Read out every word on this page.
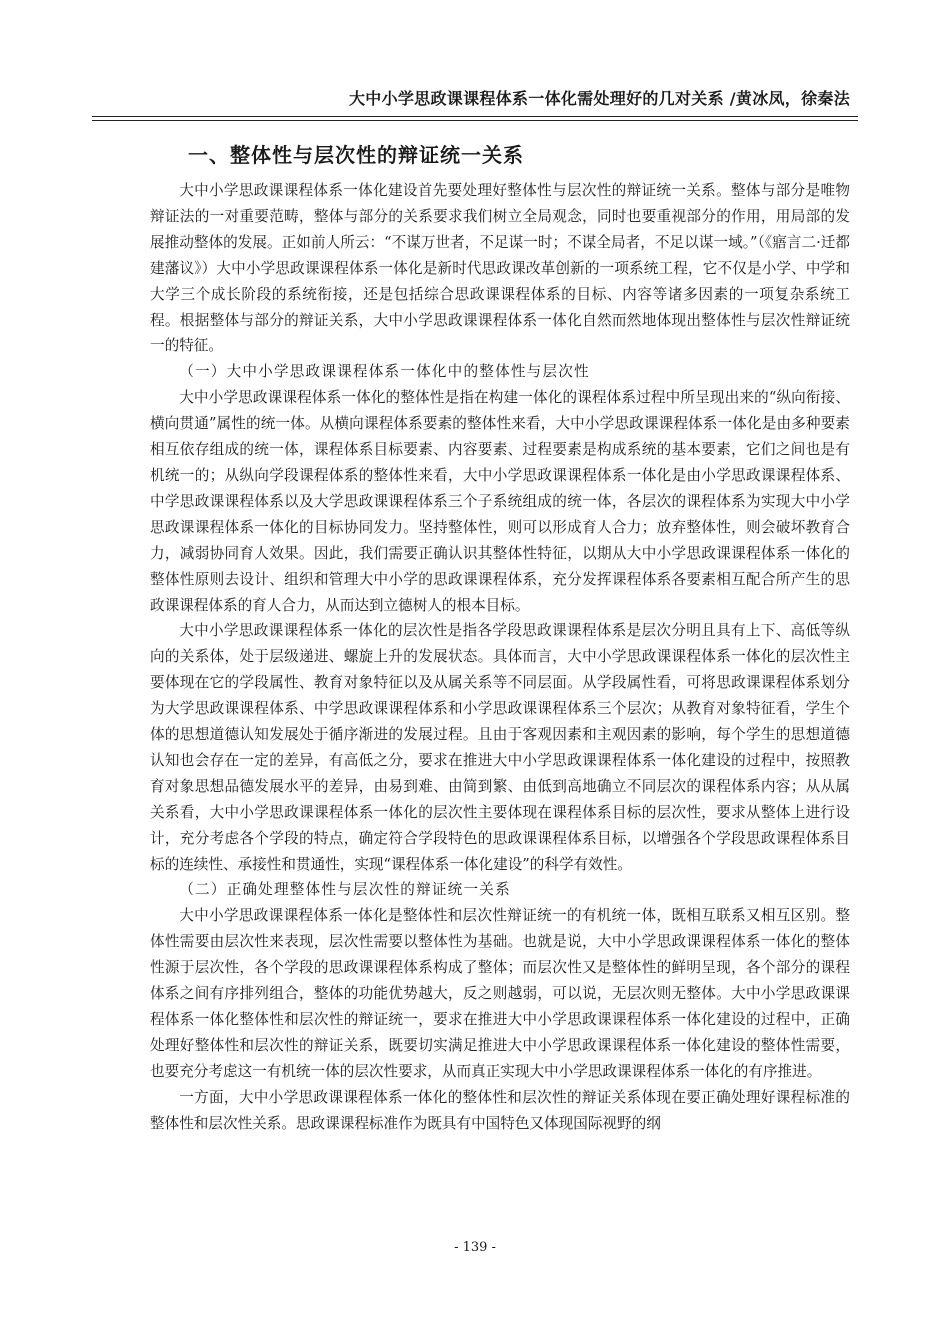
大中小学思政课课程体系一体化需处理好的几对关系 /黄冰凤，徐秦法
一、整体性与层次性的辩证统一关系

大中小学思政课课程体系一体化建设首先要处理好整体性与层次性的辩证统一关系。整体与部分是唯物辩证法的一对重要范畴，整体与部分的关系要求我们树立全局观念，同时也要重视部分的作用，用局部的发展推动整体的发展。正如前人所云：“不谋万世者，不足谋一时；不谋全局者，不足以谋一域。”（《寤言二·迁都建藩议》）大中小学思政课课程体系一体化是新时代思政课改革创新的一项系统工程，它不仅是小学、中学和大学三个成长阶段的系统衔接，还是包括综合思政课课程体系的目标、内容等诸多因素的一项复杂系统工程。根据整体与部分的辩证关系，大中小学思政课课程体系一体化自然而然地体现出整体性与层次性辩证统一的特征。

（一）大中小学思政课课程体系一体化中的整体性与层次性

大中小学思政课课程体系一体化的整体性是指在构建一体化的课程体系过程中所呈现出来的“纵向衔接、横向贯通”属性的统一体。从横向课程体系要素的整体性来看，大中小学思政课课程体系一体化是由多种要素相互依存组成的统一体，课程体系目标要素、内容要素、过程要素是构成系统的基本要素，它们之间也是有机统一的；从纵向学段课程体系的整体性来看，大中小学思政课课程体系一体化是由小学思政课课程体系、中学思政课课程体系以及大学思政课课程体系三个子系统组成的统一体，各层次的课程体系为实现大中小学思政课课程体系一体化的目标协同发力。坚持整体性，则可以形成育人合力；放弃整体性，则会破坏教育合力，减弱协同育人效果。因此，我们需要正确认识其整体性特征，以期从大中小学思政课课程体系一体化的整体性原则去设计、组织和管理大中小学的思政课课程体系，充分发挥课程体系各要素相互配合所产生的思政课课程体系的育人合力，从而达到立德树人的根本目标。

大中小学思政课课程体系一体化的层次性是指各学段思政课课程体系是层次分明且具有上下、高低等纵向的关系体，处于层级递进、螺旋上升的发展状态。具体而言，大中小学思政课课程体系一体化的层次性主要体现在它的学段属性、教育对象特征以及从属关系等不同层面。从学段属性看，可将思政课课程体系划分为大学思政课课程体系、中学思政课课程体系和小学思政课课程体系三个层次；从教育对象特征看，学生个体的思想道德认知发展处于循序渐进的发展过程。且由于客观因素和主观因素的影响，每个学生的思想道德认知也会存在一定的差异，有高低之分，要求在推进大中小学思政课课程体系一体化建设的过程中，按照教育对象思想品德发展水平的差异，由易到难、由简到繁、由低到高地确立不同层次的课程体系内容；从从属关系看，大中小学思政课课程体系一体化的层次性主要体现在课程体系目标的层次性，要求从整体上进行设计，充分考虑各个学段的特点，确定符合学段特色的思政课课程体系目标，以增强各个学段思政课程体系目标的连续性、承接性和贯通性，实现“课程体系一体化建设”的科学有效性。

（二）正确处理整体性与层次性的辩证统一关系

大中小学思政课课程体系一体化是整体性和层次性辩证统一的有机统一体，既相互联系又相互区别。整体性需要由层次性来表现，层次性需要以整体性为基础。也就是说，大中小学思政课课程体系一体化的整体性源于层次性，各个学段的思政课课程体系构成了整体；而层次性又是整体性的鲜明呈现，各个部分的课程体系之间有序排列组合，整体的功能优势越大，反之则越弱，可以说，无层次则无整体。大中小学思政课课程体系一体化整体性和层次性的辩证统一，要求在推进大中小学思政课课程体系一体化建设的过程中，正确处理好整体性和层次性的辩证关系，既要切实满足推进大中小学思政课课程体系一体化建设的整体性需要，也要充分考虑这一有机统一体的层次性要求，从而真正实现大中小学思政课课程体系一体化的有序推进。

一方面，大中小学思政课课程体系一体化的整体性和层次性的辩证关系体现在要正确处理好课程标准的整体性和层次性关系。思政课课程标准作为既具有中国特色又体现国际视野的纲

- 139 -
